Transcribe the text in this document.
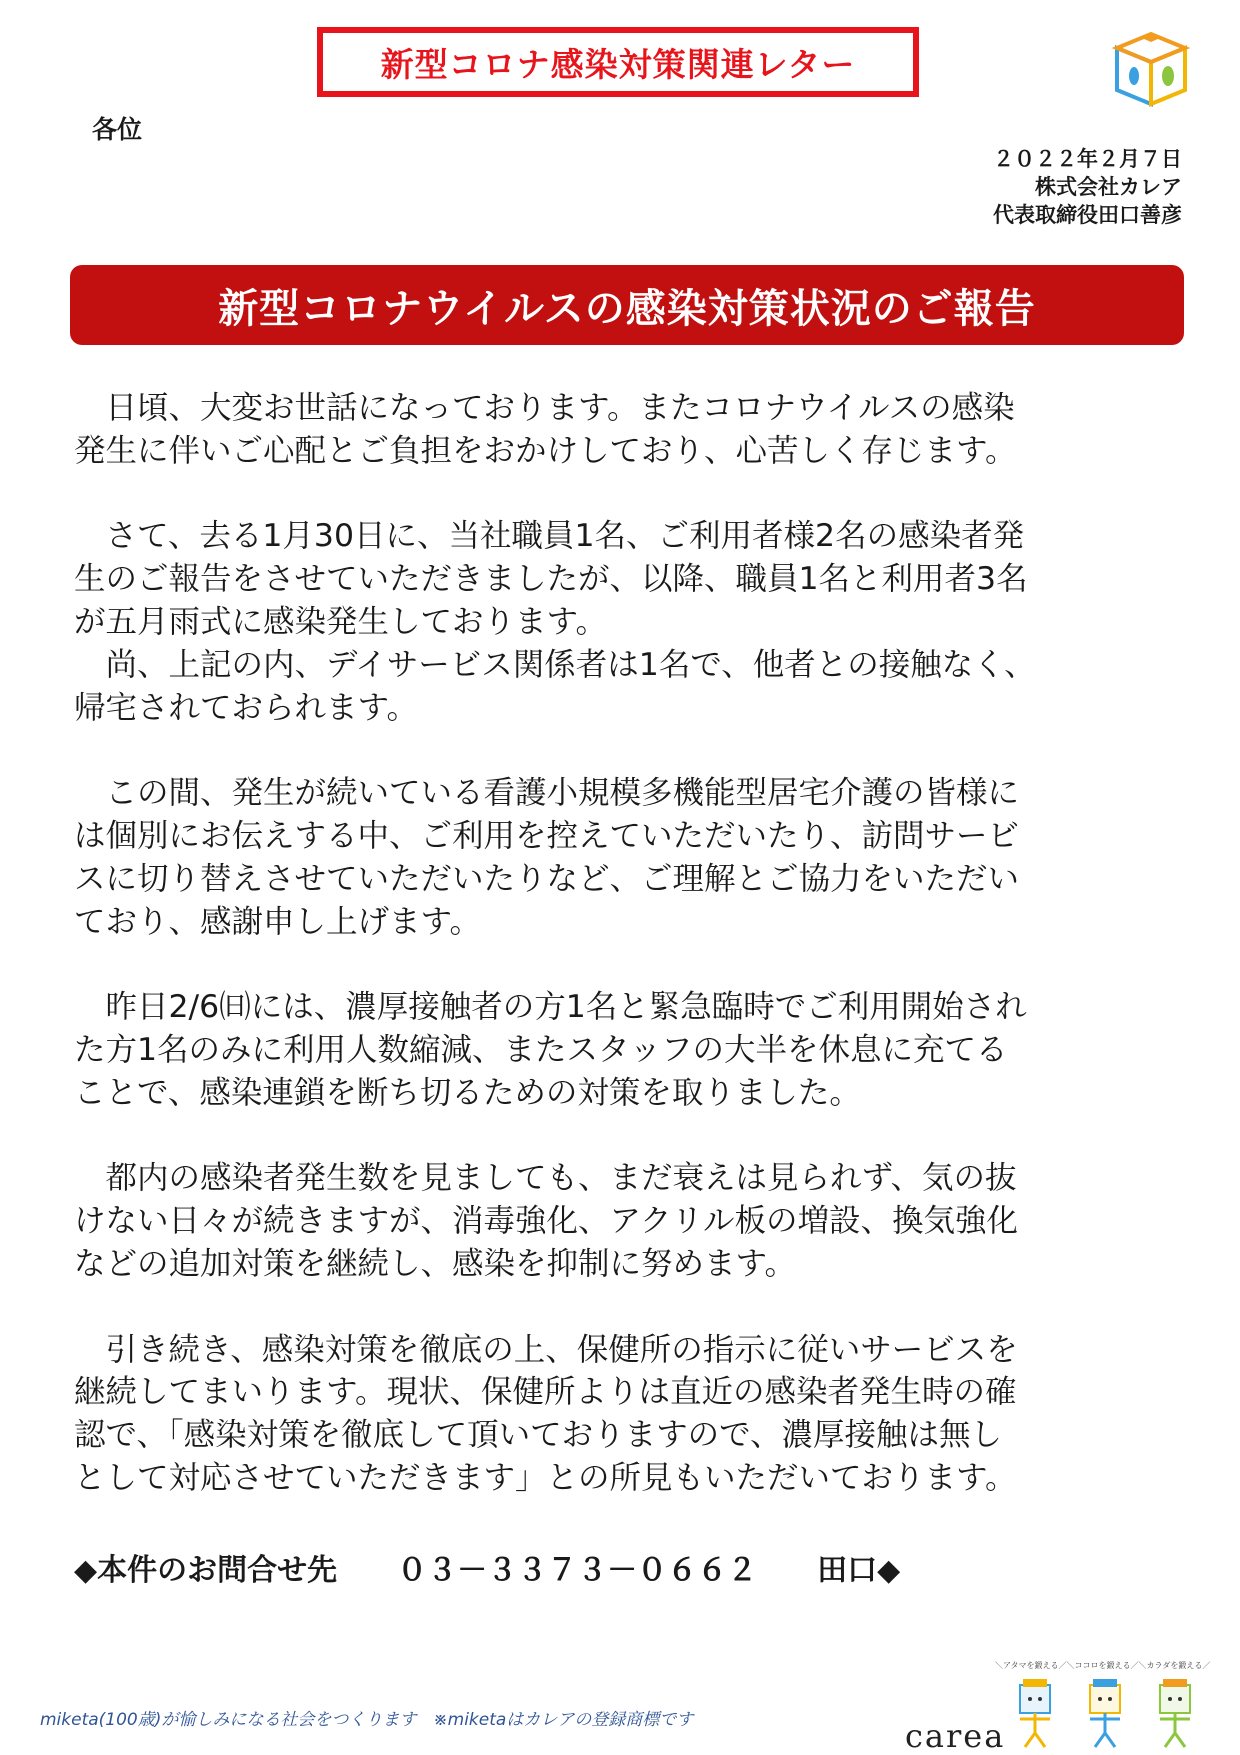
新型コロナ感染対策関連レター
各位
２０２２年２月７日
株式会社カレア
代表取締役田口善彦
新型コロナウイルスの感染対策状況のご報告

　日頃、大変お世話になっております。またコロナウイルスの感染
発生に伴いご心配とご負担をおかけしており、心苦しく存じます。

　さて、去る1月30日に、当社職員1名、ご利用者様2名の感染者発
生のご報告をさせていただきましたが、以降、職員1名と利用者3名
が五月雨式に感染発生しております。

　尚、上記の内、デイサービス関係者は1名で、他者との接触なく、
帰宅されておられます。

　この間、発生が続いている看護小規模多機能型居宅介護の皆様に
は個別にお伝えする中、ご利用を控えていただいたり、訪問サービ
スに切り替えさせていただいたりなど、ご理解とご協力をいただい
ており、感謝申し上げます。

　昨日2/6㈰には、濃厚接触者の方1名と緊急臨時でご利用開始され
た方1名のみに利用人数縮減、またスタッフの大半を休息に充てる
ことで、感染連鎖を断ち切るための対策を取りました。

　都内の感染者発生数を見ましても、まだ衰えは見られず、気の抜
けない日々が続きますが、消毒強化、アクリル板の増設、換気強化
などの追加対策を継続し、感染を抑制に努めます。

　引き続き、感染対策を徹底の上、保健所の指示に従いサービスを
継続してまいります。現状、保健所よりは直近の感染者発生時の確
認で、「感染対策を徹底して頂いておりますので、濃厚接触は無し
として対応させていただきます」との所見もいただいております。

◆本件のお問合せ先　　 ０３－３３７３－０６６２　　 田口◆
miketa(100歳)が愉しみになる社会をつくります　 ※miketaはカレアの登録商標です
＼アタマを鍛える／＼ココロを鍛える／＼カラダを鍛える／
carea
